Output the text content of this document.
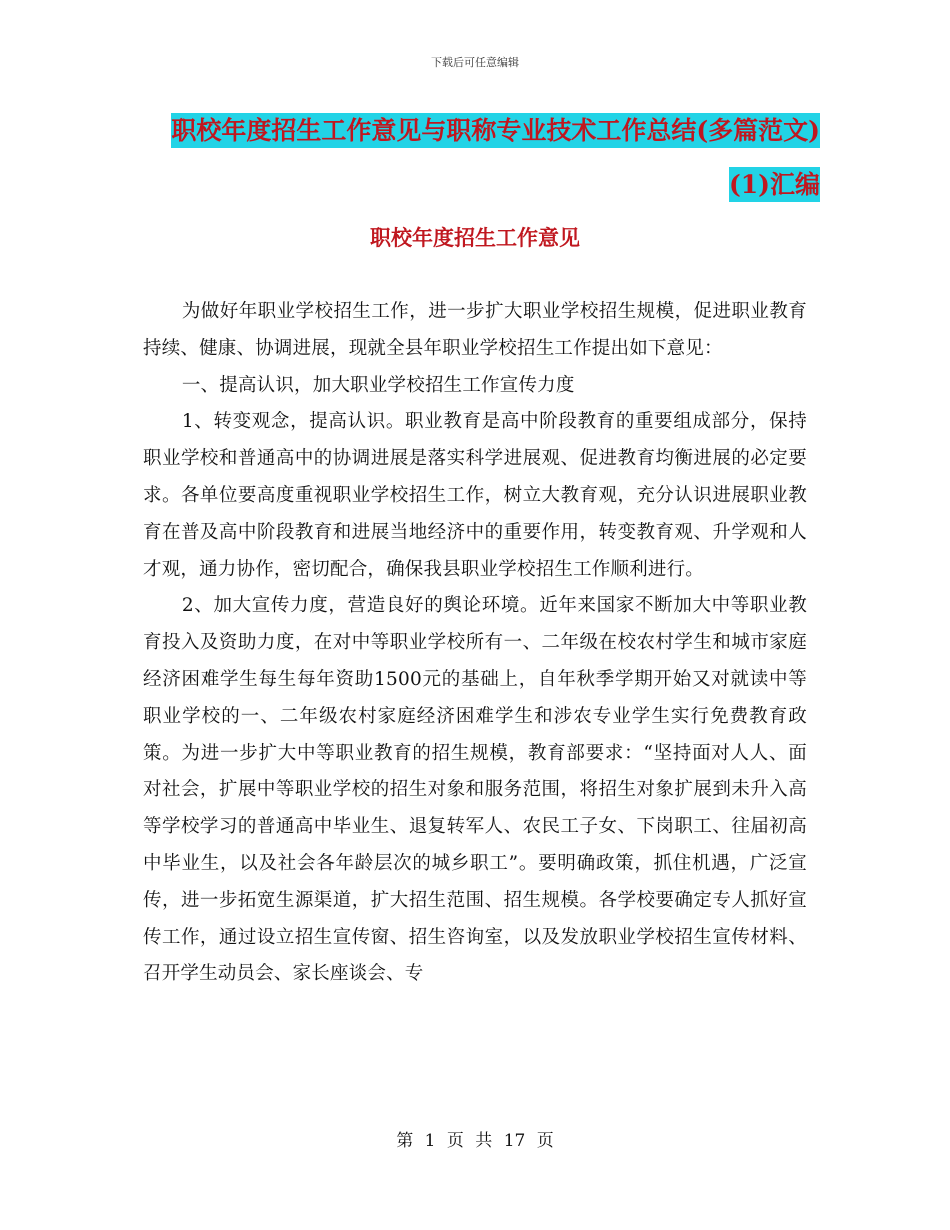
下载后可任意编辑
职校年度招生工作意见与职称专业技术工作总结(多篇范文)(1)汇编
职校年度招生工作意见

为做好年职业学校招生工作，进一步扩大职业学校招生规模，促进职业教育持续、健康、协调进展，现就全县年职业学校招生工作提出如下意见：

一、提高认识，加大职业学校招生工作宣传力度

1、转变观念，提高认识。职业教育是高中阶段教育的重要组成部分，保持职业学校和普通高中的协调进展是落实科学进展观、促进教育均衡进展的必定要求。各单位要高度重视职业学校招生工作，树立大教育观，充分认识进展职业教育在普及高中阶段教育和进展当地经济中的重要作用，转变教育观、升学观和人才观，通力协作，密切配合，确保我县职业学校招生工作顺利进行。

2、加大宣传力度，营造良好的舆论环境。近年来国家不断加大中等职业教育投入及资助力度，在对中等职业学校所有一、二年级在校农村学生和城市家庭经济困难学生每生每年资助1500元的基础上，自年秋季学期开始又对就读中等职业学校的一、二年级农村家庭经济困难学生和涉农专业学生实行免费教育政策。为进一步扩大中等职业教育的招生规模，教育部要求：“坚持面对人人、面对社会，扩展中等职业学校的招生对象和服务范围，将招生对象扩展到未升入高等学校学习的普通高中毕业生、退复转军人、农民工子女、下岗职工、往届初高中毕业生，以及社会各年龄层次的城乡职工”。要明确政策，抓住机遇，广泛宣传，进一步拓宽生源渠道，扩大招生范围、招生规模。各学校要确定专人抓好宣传工作，通过设立招生宣传窗、招生咨询室，以及发放职业学校招生宣传材料、召开学生动员会、家长座谈会、专

第 1 页 共 17 页
